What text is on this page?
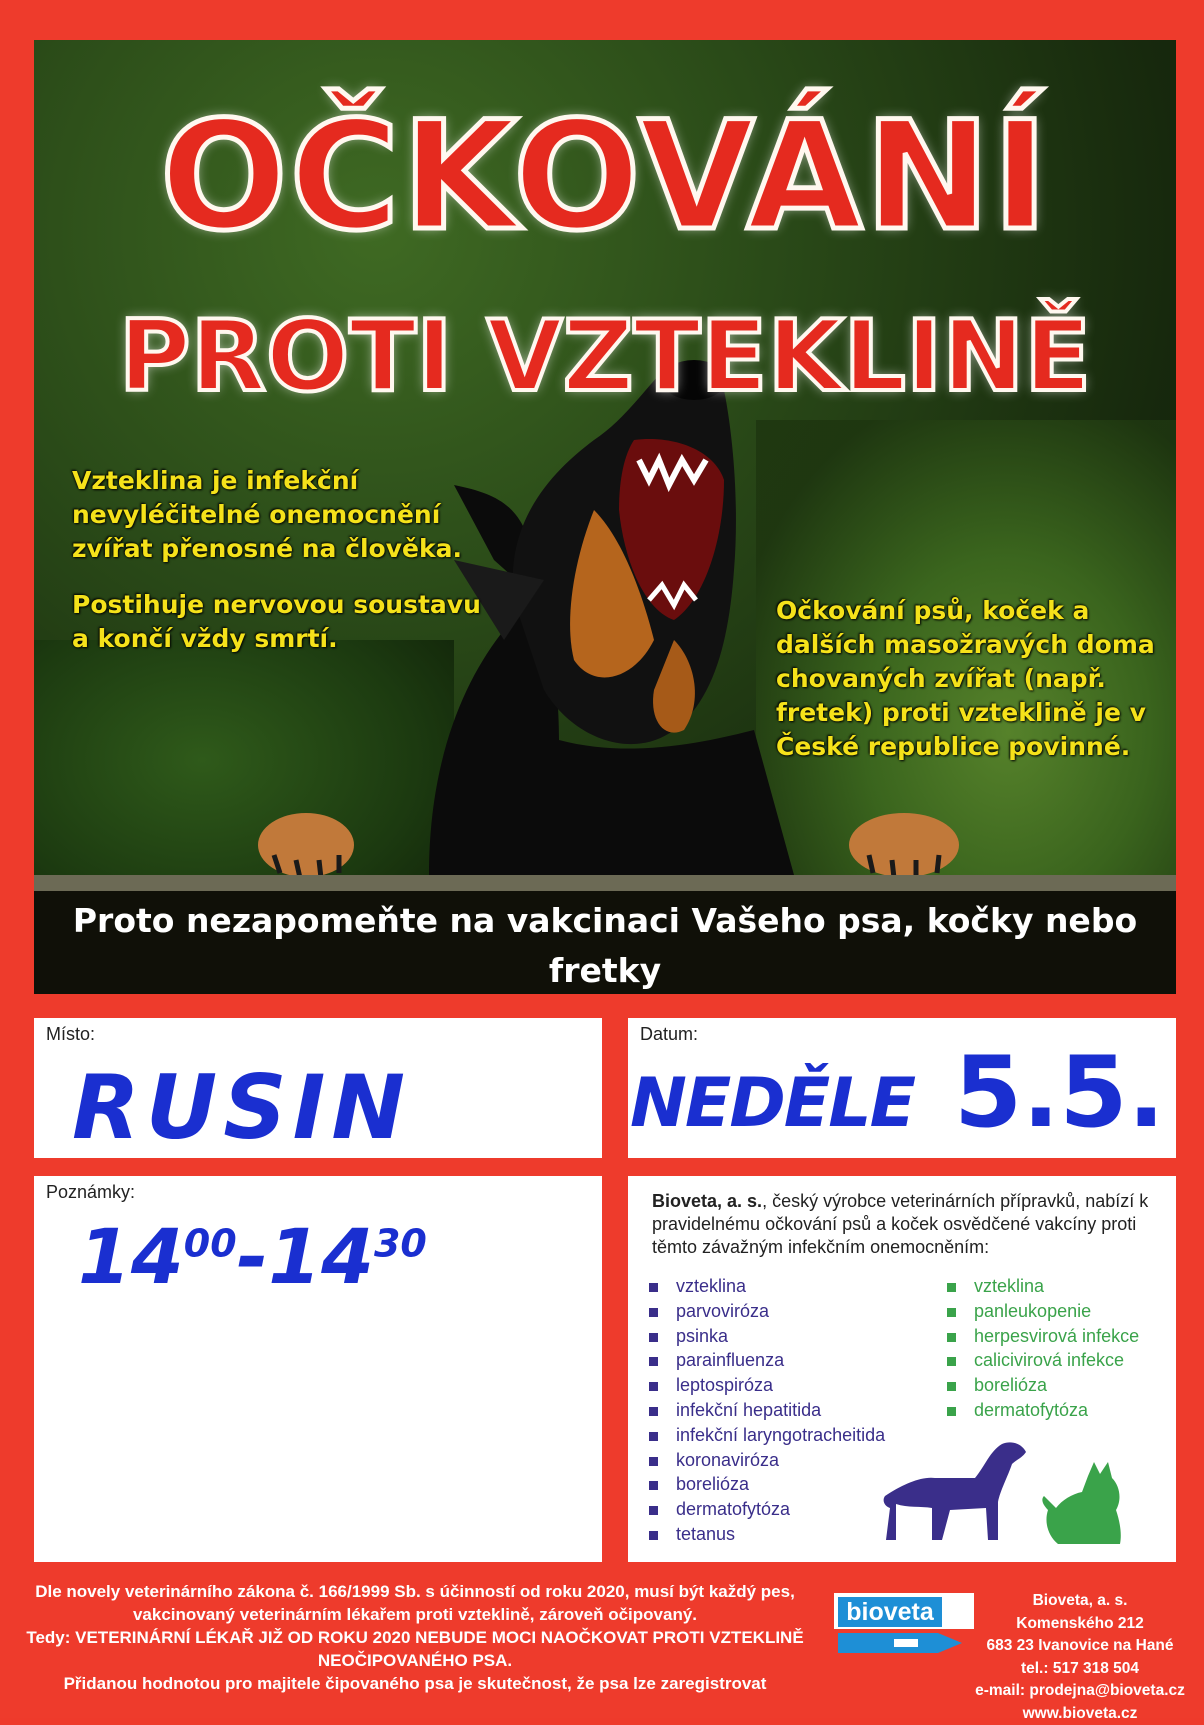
OČKOVÁNÍ
PROTI VZTEKLINĚ

Vzteklina je infekční nevyléčitelné onemocnění zvířat přenosné na člověka.

Postihuje nervovou soustavu a končí vždy smrtí.

Očkování psů, koček a dalších masožravých doma chovaných zvířat (např. fretek) proti vzteklině je v České republice povinné.

Proto nezapomeňte na vakcinaci Vašeho psa, kočky nebo fretky
Místo:
RUSIN
Datum:
NEDĚLE 5.5.
Poznámky:
$14^{00}-14^{30}$
Bioveta, a. s., český výrobce veterinárních přípravků, nabízí k pravidelnému očkování psů a koček osvědčené vakcíny proti těmto závažným infekčním onemocněním:
vzteklina
parvoviróza
psinka
parainfluenza
leptospiróza
infekční hepatitida
infekční laryngotracheitida
koronaviróza
borelióza
dermatofytóza
tetanus
vzteklina
panleukopenie
herpesvirová infekce
calicivirová infekce
borelióza
dermatofytóza
Dle novely veterinárního zákona č. 166/1999 Sb. s účinností od roku 2020, musí být každý pes, vakcinovaný veterinárním lékařem proti vzteklině, zároveň očipovaný.
Tedy: VETERINÁRNÍ LÉKAŘ JIŽ OD ROKU 2020 NEBUDE MOCI NAOČKOVAT PROTI VZTEKLINĚ NEOČIPOVANÉHO PSA.
Přidanou hodnotou pro majitele čipovaného psa je skutečnost, že psa lze zaregistrovat
bioveta	Bioveta, a. s.
Komenského 212
683 23 Ivanovice na Hané
tel.: 517 318 504
e-mail: prodejna@bioveta.cz
www.bioveta.cz
